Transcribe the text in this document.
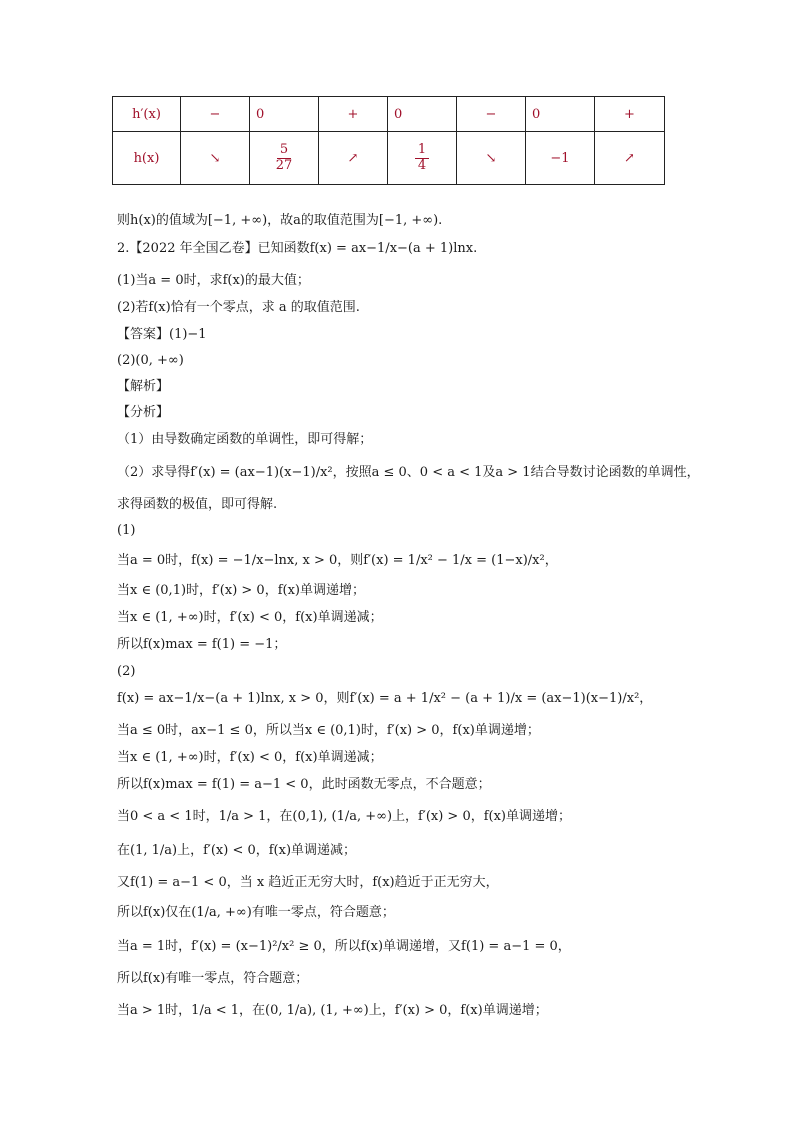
h′(x)	−	0	+	0	−	0	+
h(x)	↘	$\frac{5}{27}$	↗	$\frac{1}{4}$	↘	−1	↗
则h(x)的值域为[−1, +∞)，故a的取值范围为[−1, +∞).
2.【2022 年全国乙卷】已知函数f(x) = ax−1/x−(a + 1)lnx.
(1)当a = 0时，求f(x)的最大值；
(2)若f(x)恰有一个零点，求 a 的取值范围.
【答案】(1)−1
(2)(0, +∞)
【解析】
【分析】
（1）由导数确定函数的单调性，即可得解；
（2）求导得f′(x) = (ax−1)(x−1)/x²，按照a ≤ 0、0 < a < 1及a > 1结合导数讨论函数的单调性，
求得函数的极值，即可得解.
(1)
当a = 0时，f(x) = −1/x−lnx, x > 0，则f′(x) = 1/x² − 1/x = (1−x)/x²，
当x ∈ (0,1)时，f′(x) > 0，f(x)单调递增；
当x ∈ (1, +∞)时，f′(x) < 0，f(x)单调递减；
所以f(x)max = f(1) = −1；
(2)
f(x) = ax−1/x−(a + 1)lnx, x > 0，则f′(x) = a + 1/x² − (a + 1)/x = (ax−1)(x−1)/x²，
当a ≤ 0时，ax−1 ≤ 0，所以当x ∈ (0,1)时，f′(x) > 0，f(x)单调递增；
当x ∈ (1, +∞)时，f′(x) < 0，f(x)单调递减；
所以f(x)max = f(1) = a−1 < 0，此时函数无零点，不合题意；
当0 < a < 1时，1/a > 1，在(0,1), (1/a, +∞)上，f′(x) > 0，f(x)单调递增；
在(1, 1/a)上，f′(x) < 0，f(x)单调递减；
又f(1) = a−1 < 0，当 x 趋近正无穷大时，f(x)趋近于正无穷大，
所以f(x)仅在(1/a, +∞)有唯一零点，符合题意；
当a = 1时，f′(x) = (x−1)²/x² ≥ 0，所以f(x)单调递增，又f(1) = a−1 = 0，
所以f(x)有唯一零点，符合题意；
当a > 1时，1/a < 1，在(0, 1/a), (1, +∞)上，f′(x) > 0，f(x)单调递增；
